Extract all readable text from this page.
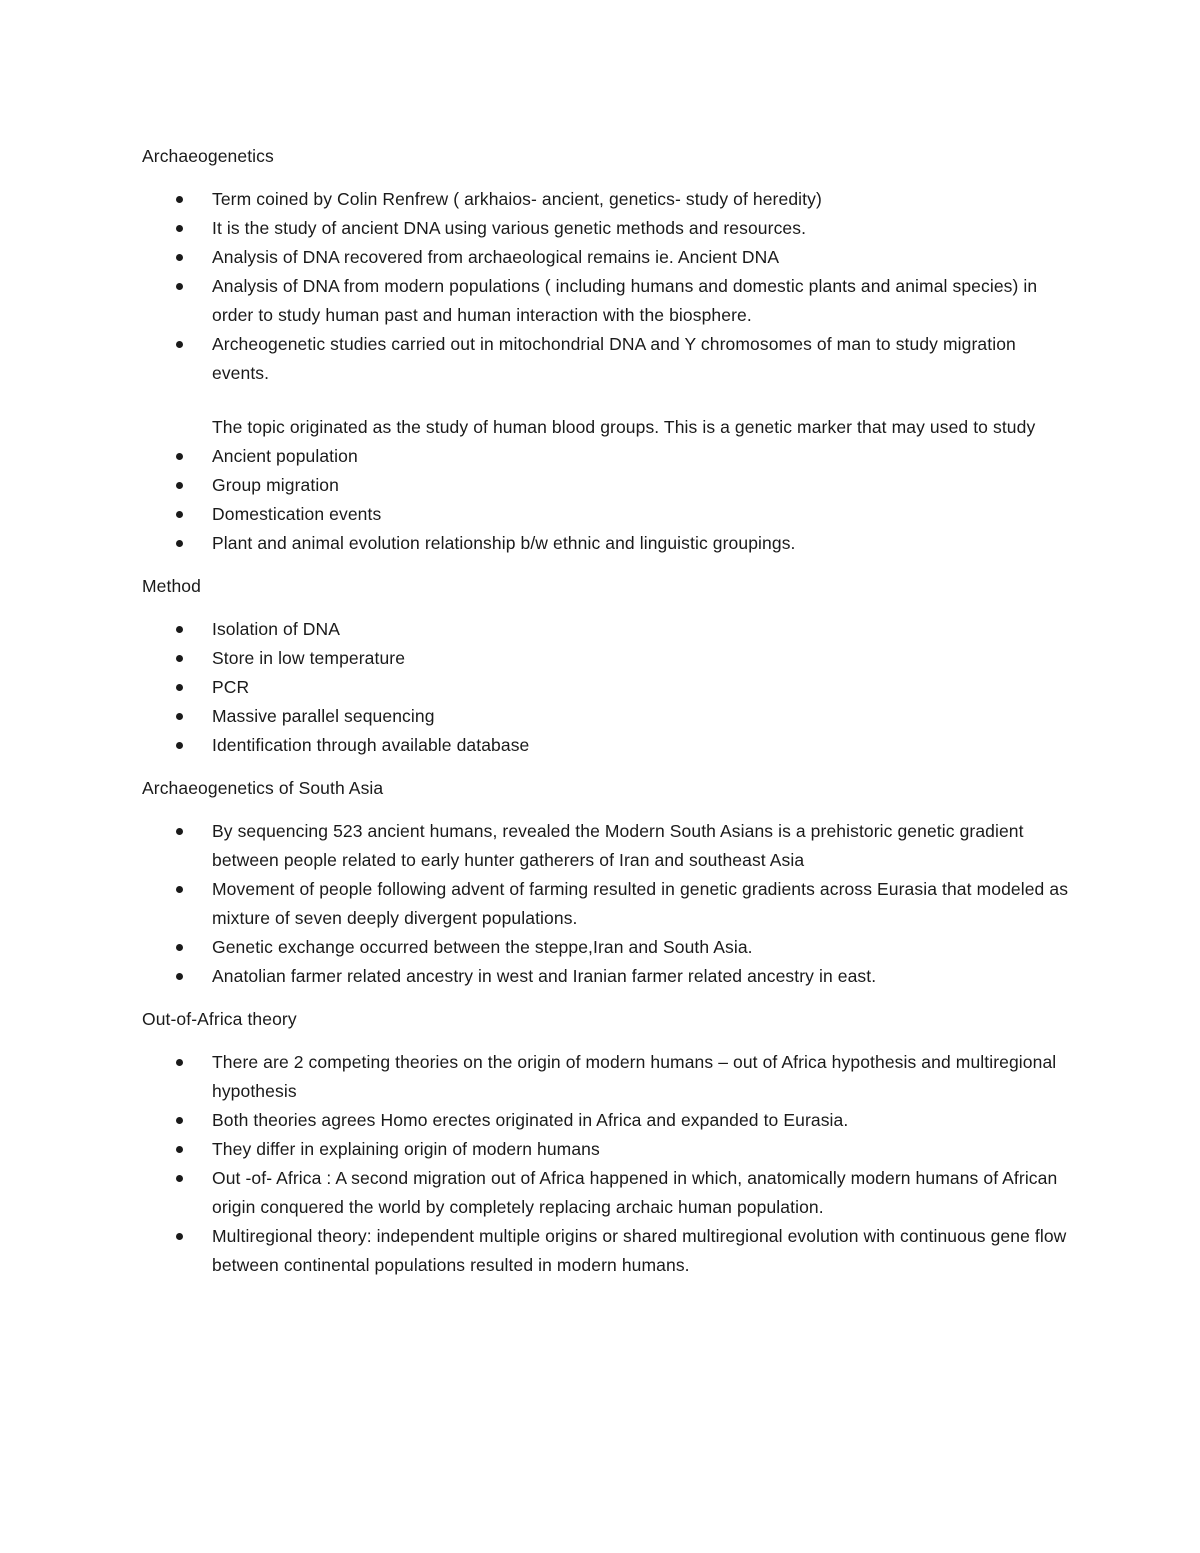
Archaeogenetics

Term coined by Colin Renfrew ( arkhaios- ancient, genetics- study of heredity)
It is the study of ancient DNA using various genetic methods and resources.
Analysis of DNA recovered from archaeological remains ie. Ancient DNA
Analysis of DNA from modern populations ( including humans and domestic plants and animal species) in order to study human past and human interaction with the biosphere.
Archeogenetic studies carried out in mitochondrial DNA and Y chromosomes of man to study migration events.

The topic originated as the study of human blood groups. This is a genetic marker that may used to study

Ancient population
Group migration
Domestication events
Plant and animal evolution relationship b/w ethnic and linguistic groupings.

Method

Isolation of DNA
Store in low temperature
PCR
Massive parallel sequencing
Identification through available database

Archaeogenetics of South Asia

By sequencing 523 ancient humans, revealed the Modern South Asians is a prehistoric genetic gradient between people related to early hunter gatherers of Iran and southeast Asia
Movement of people following advent of farming resulted in genetic gradients across Eurasia that modeled as mixture of seven deeply divergent populations.
Genetic exchange occurred between the steppe,Iran and South Asia.
Anatolian farmer related ancestry in west and Iranian farmer related ancestry in east.

Out-of-Africa theory

There are 2 competing theories on the origin of modern humans – out of Africa hypothesis and multiregional hypothesis
Both theories agrees Homo erectes originated in Africa and expanded to Eurasia.
They differ in explaining origin of modern humans
Out -of- Africa : A second migration out of Africa happened in which, anatomically modern humans of African origin conquered the world by completely replacing archaic human population.
Multiregional theory: independent multiple origins or shared multiregional evolution with continuous gene flow between continental populations resulted in modern humans.
